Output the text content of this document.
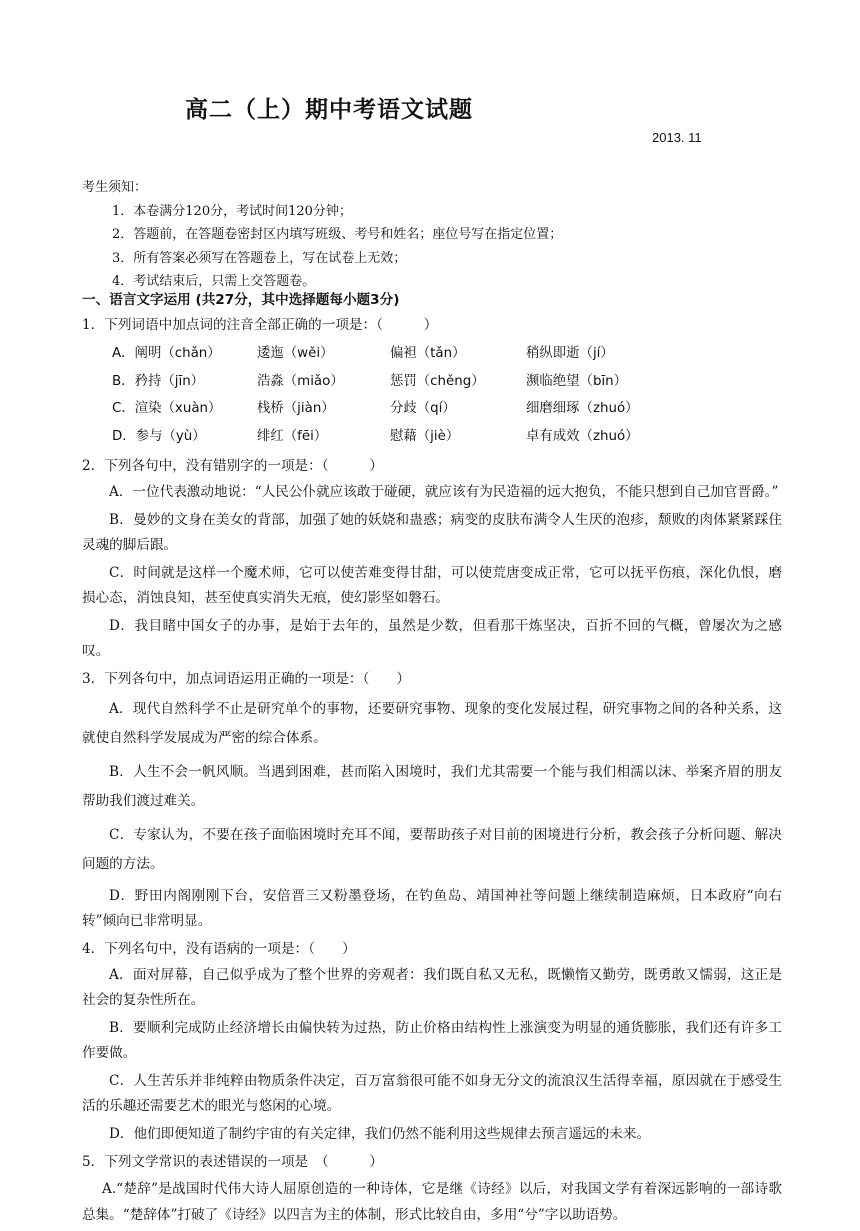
高二（上）期中考语文试题
2013. 11
考生须知：
1．本卷满分120分，考试时间120分钟；
2．答题前，在答题卷密封区内填写班级、考号和姓名；座位号写在指定位置；
3．所有答案必须写在答题卷上，写在试卷上无效；
4．考试结束后，只需上交答题卷。
一、语言文字运用 (共27分，其中选择题每小题3分)
1．下列词语中加点词的注音全部正确的一项是：（　　　）
A．阐明（chǎn）	逶迤（wěi）	偏袒（tǎn）	稍纵即逝（jí）
B．矜持（jīn）	浩淼（miǎo）	惩罚（chěng）	濒临绝望（bīn）
C．渲染（xuàn）	栈桥（jiàn）	分歧（qí）	细磨细琢（zhuó）
D．参与（yù）	绯红（fēi）	慰藉（jiè）	卓有成效（zhuó）
2．下列各句中，没有错别字的一项是：（　　　）
A．一位代表激动地说：“人民公仆就应该敢于碰硬，就应该有为民造福的远大抱负，不能只想到自己加官晋爵。”
B．曼妙的文身在美女的背部，加强了她的妖娆和蛊惑；病变的皮肤布满令人生厌的泡疹，颓败的肉体紧紧踩住灵魂的脚后跟。
C．时间就是这样一个魔术师，它可以使苦难变得甘甜，可以使荒唐变成正常，它可以抚平伤痕，深化仇恨，磨损心态，消蚀良知，甚至使真实消失无痕，使幻影坚如磐石。
D．我目睹中国女子的办事，是始于去年的，虽然是少数，但看那干炼坚决，百折不回的气概，曾屡次为之感叹。
3．下列各句中，加点词语运用正确的一项是：（　　）
A．现代自然科学不止是研究单个的事物，还要研究事物、现象的变化发展过程，研究事物之间的各种关系，这就使自然科学发展成为严密的综合体系。
B．人生不会一帆风顺。当遇到困难，甚而陷入困境时，我们尤其需要一个能与我们相濡以沫、举案齐眉的朋友帮助我们渡过难关。
C．专家认为，不要在孩子面临困境时充耳不闻，要帮助孩子对目前的困境进行分析，教会孩子分析问题、解决问题的方法。
D．野田内阁刚刚下台，安倍晋三又粉墨登场，在钓鱼岛、靖国神社等问题上继续制造麻烦，日本政府“向右转”倾向已非常明显。
4．下列名句中，没有语病的一项是：（　　）
A．面对屏幕，自己似乎成为了整个世界的旁观者：我们既自私又无私，既懒惰又勤劳，既勇敢又懦弱，这正是社会的复杂性所在。
B．要顺利完成防止经济增长由偏快转为过热，防止价格由结构性上涨演变为明显的通货膨胀，我们还有许多工作要做。
C．人生苦乐并非纯粹由物质条件决定，百万富翁很可能不如身无分文的流浪汉生活得幸福，原因就在于感受生活的乐趣还需要艺术的眼光与悠闲的心境。
D．他们即便知道了制约宇宙的有关定律，我们仍然不能利用这些规律去预言遥远的未来。
5．下列文学常识的表述错误的一项是　（　　　）
A.“楚辞”是战国时代伟大诗人屈原创造的一种诗体，它是继《诗经》以后，对我国文学有着深远影响的一部诗歌总集。“楚辞体”打破了《诗经》以四言为主的体制，形式比较自由，多用“兮”字以助语势。
